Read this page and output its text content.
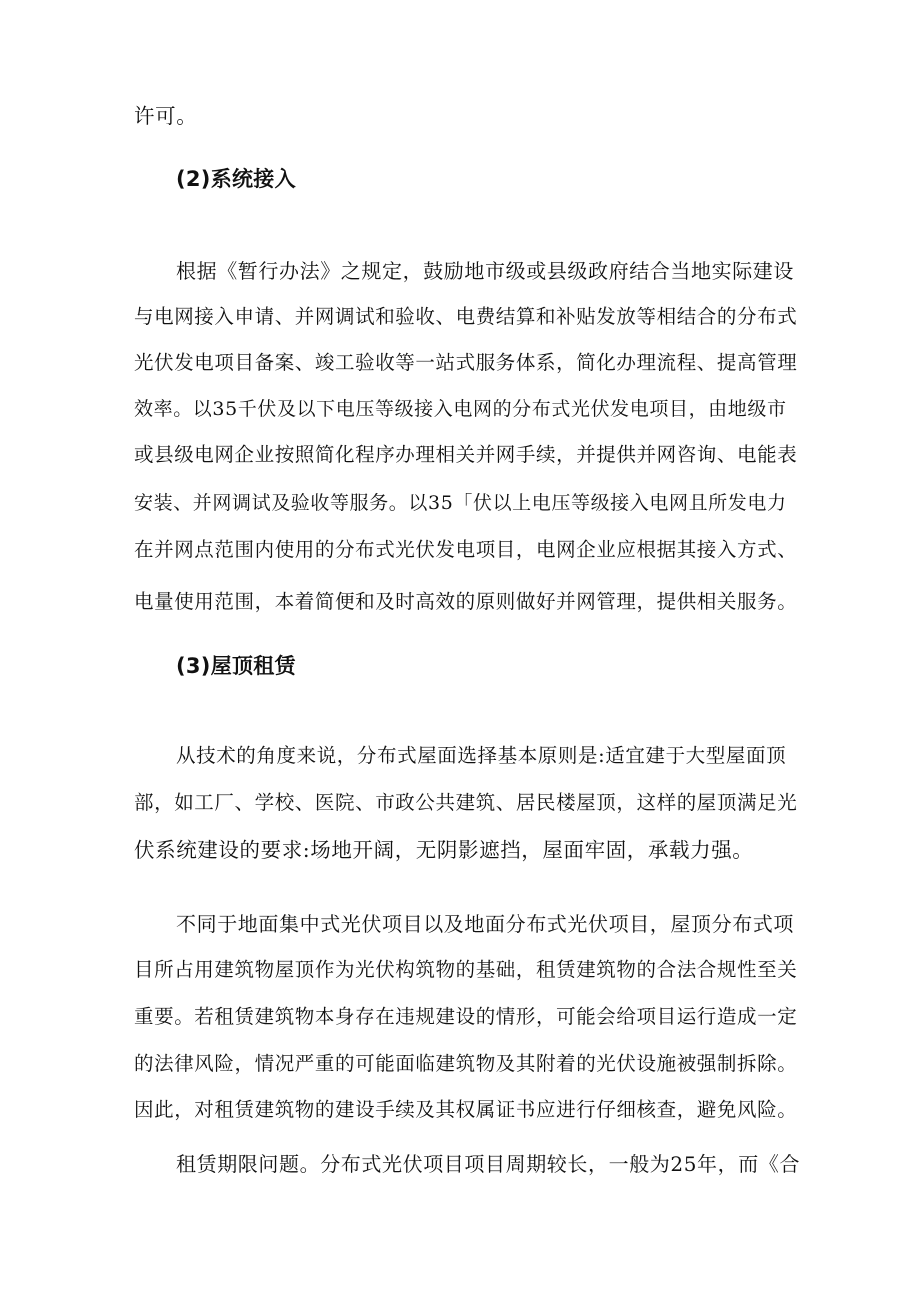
许可。
(2)系统接入
根据《暂行办法》之规定，鼓励地市级或县级政府结合当地实际建设
与电网接入申请、并网调试和验收、电费结算和补贴发放等相结合的分布式
光伏发电项目备案、竣工验收等一站式服务体系，简化办理流程、提高管理
效率。以35千伏及以下电压等级接入电网的分布式光伏发电项目，由地级市
或县级电网企业按照简化程序办理相关并网手续，并提供并网咨询、电能表
安装、并网调试及验收等服务。以35「伏以上电压等级接入电网且所发电力
在并网点范围内使用的分布式光伏发电项目，电网企业应根据其接入方式、
电量使用范围，本着简便和及时高效的原则做好并网管理，提供相关服务。
(3)屋顶租赁
从技术的角度来说，分布式屋面选择基本原则是:适宜建于大型屋面顶
部，如工厂、学校、医院、市政公共建筑、居民楼屋顶，这样的屋顶满足光
伏系统建设的要求:场地开阔，无阴影遮挡，屋面牢固，承载力强。
不同于地面集中式光伏项目以及地面分布式光伏项目，屋顶分布式项
目所占用建筑物屋顶作为光伏构筑物的基础，租赁建筑物的合法合规性至关
重要。若租赁建筑物本身存在违规建设的情形，可能会给项目运行造成一定
的法律风险，情况严重的可能面临建筑物及其附着的光伏设施被强制拆除。
因此，对租赁建筑物的建设手续及其权属证书应进行仔细核查，避免风险。
租赁期限问题。分布式光伏项目项目周期较长，一般为25年，而《合
